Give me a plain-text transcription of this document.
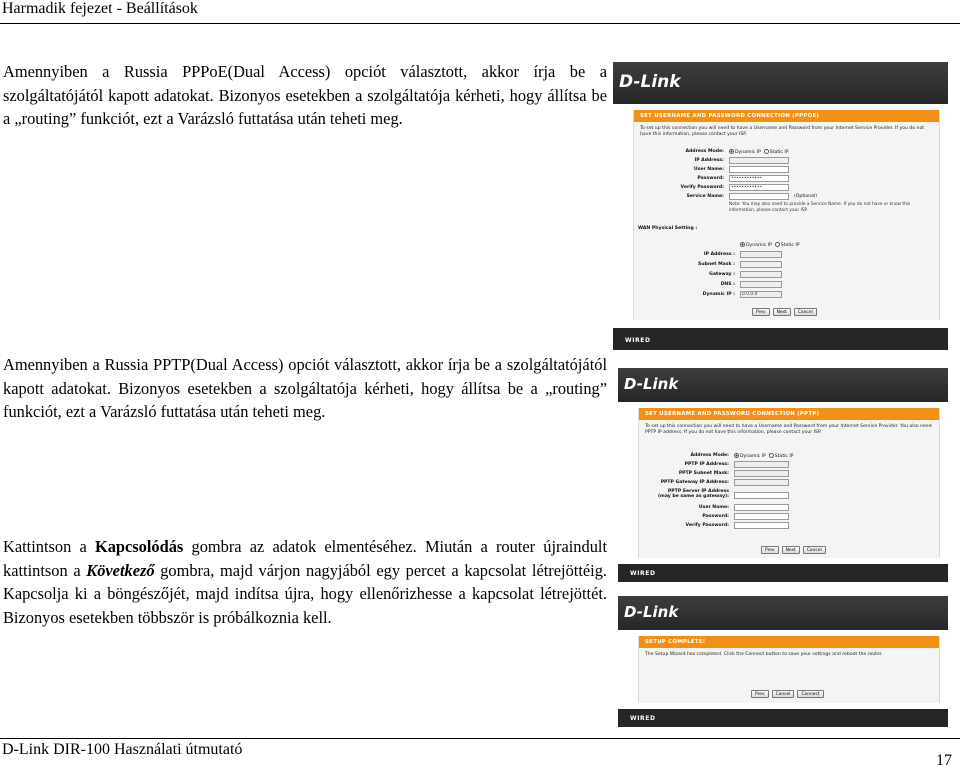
Harmadik fejezet - Beállítások

Amennyiben a Russia PPPoE(Dual Access) opciót választott, akkor írja be a szolgáltatójától kapott adatokat. Bizonyos esetekben a szolgáltatója kérheti, hogy állítsa be a „routing” funkciót, ezt a Varázsló futtatása után teheti meg.

Amennyiben a Russia PPTP(Dual Access) opciót választott, akkor írja be a szolgáltatójától kapott adatokat. Bizonyos esetekben a szolgáltatója kérheti, hogy állítsa be a „routing” funkciót, ezt a Varázsló futtatása után teheti meg.

Kattintson a Kapcsolódás gombra az adatok elmentéséhez. Miután a router újraindult kattintson a Következő gombra, majd várjon nagyjából egy percet a kapcsolat létrejöttéig. Kapcsolja ki a böngészőjét, majd indítsa újra, hogy ellenőrizhesse a kapcsolat létrejöttét. Bizonyos esetekben többször is próbálkoznia kell.

D-Link
SET USERNAME AND PASSWORD CONNECTION (PPPOE)
To set up this connection you will need to have a Username and Password from your Internet Service Provider. If you do not have this information, please contact your ISP.
Address Mode:	Dynamic IP Static IP
IP Address:
User Name:
Password:	••••••••••••
Verify Password:	••••••••••••
Service Name:	(Optional)
Note: You may also need to provide a Service Name. If you do not have or know this information, please contact your ISP.
WAN Physical Setting :
Dynamic IP Static IP
IP Address :
Subnet Mask :
Gateway :
DNS :
Dynamic IP :	0.0.0.0
Prev	Next	Cancel
WIRED
D-Link
SET USERNAME AND PASSWORD CONNECTION (PPTP)
To set up this connection you will need to have a Username and Password from your Internet Service Provider. You also need PPTP IP address. If you do not have this information, please contact your ISP.
Address Mode:	Dynamic IP Static IP
PPTP IP Address:
PPTP Subnet Mask:
PPTP Gateway IP Address:
PPTP Server IP Address
(may be same as gateway):
User Name:
Password:
Verify Password:
Prev	Next	Cancel
WIRED
D-Link
SETUP COMPLETE!
The Setup Wizard has completed. Click the Connect button to save your settings and reboot the router.
Prev	Cancel	Connect
WIRED
D-Link DIR-100 Használati útmutató
17
